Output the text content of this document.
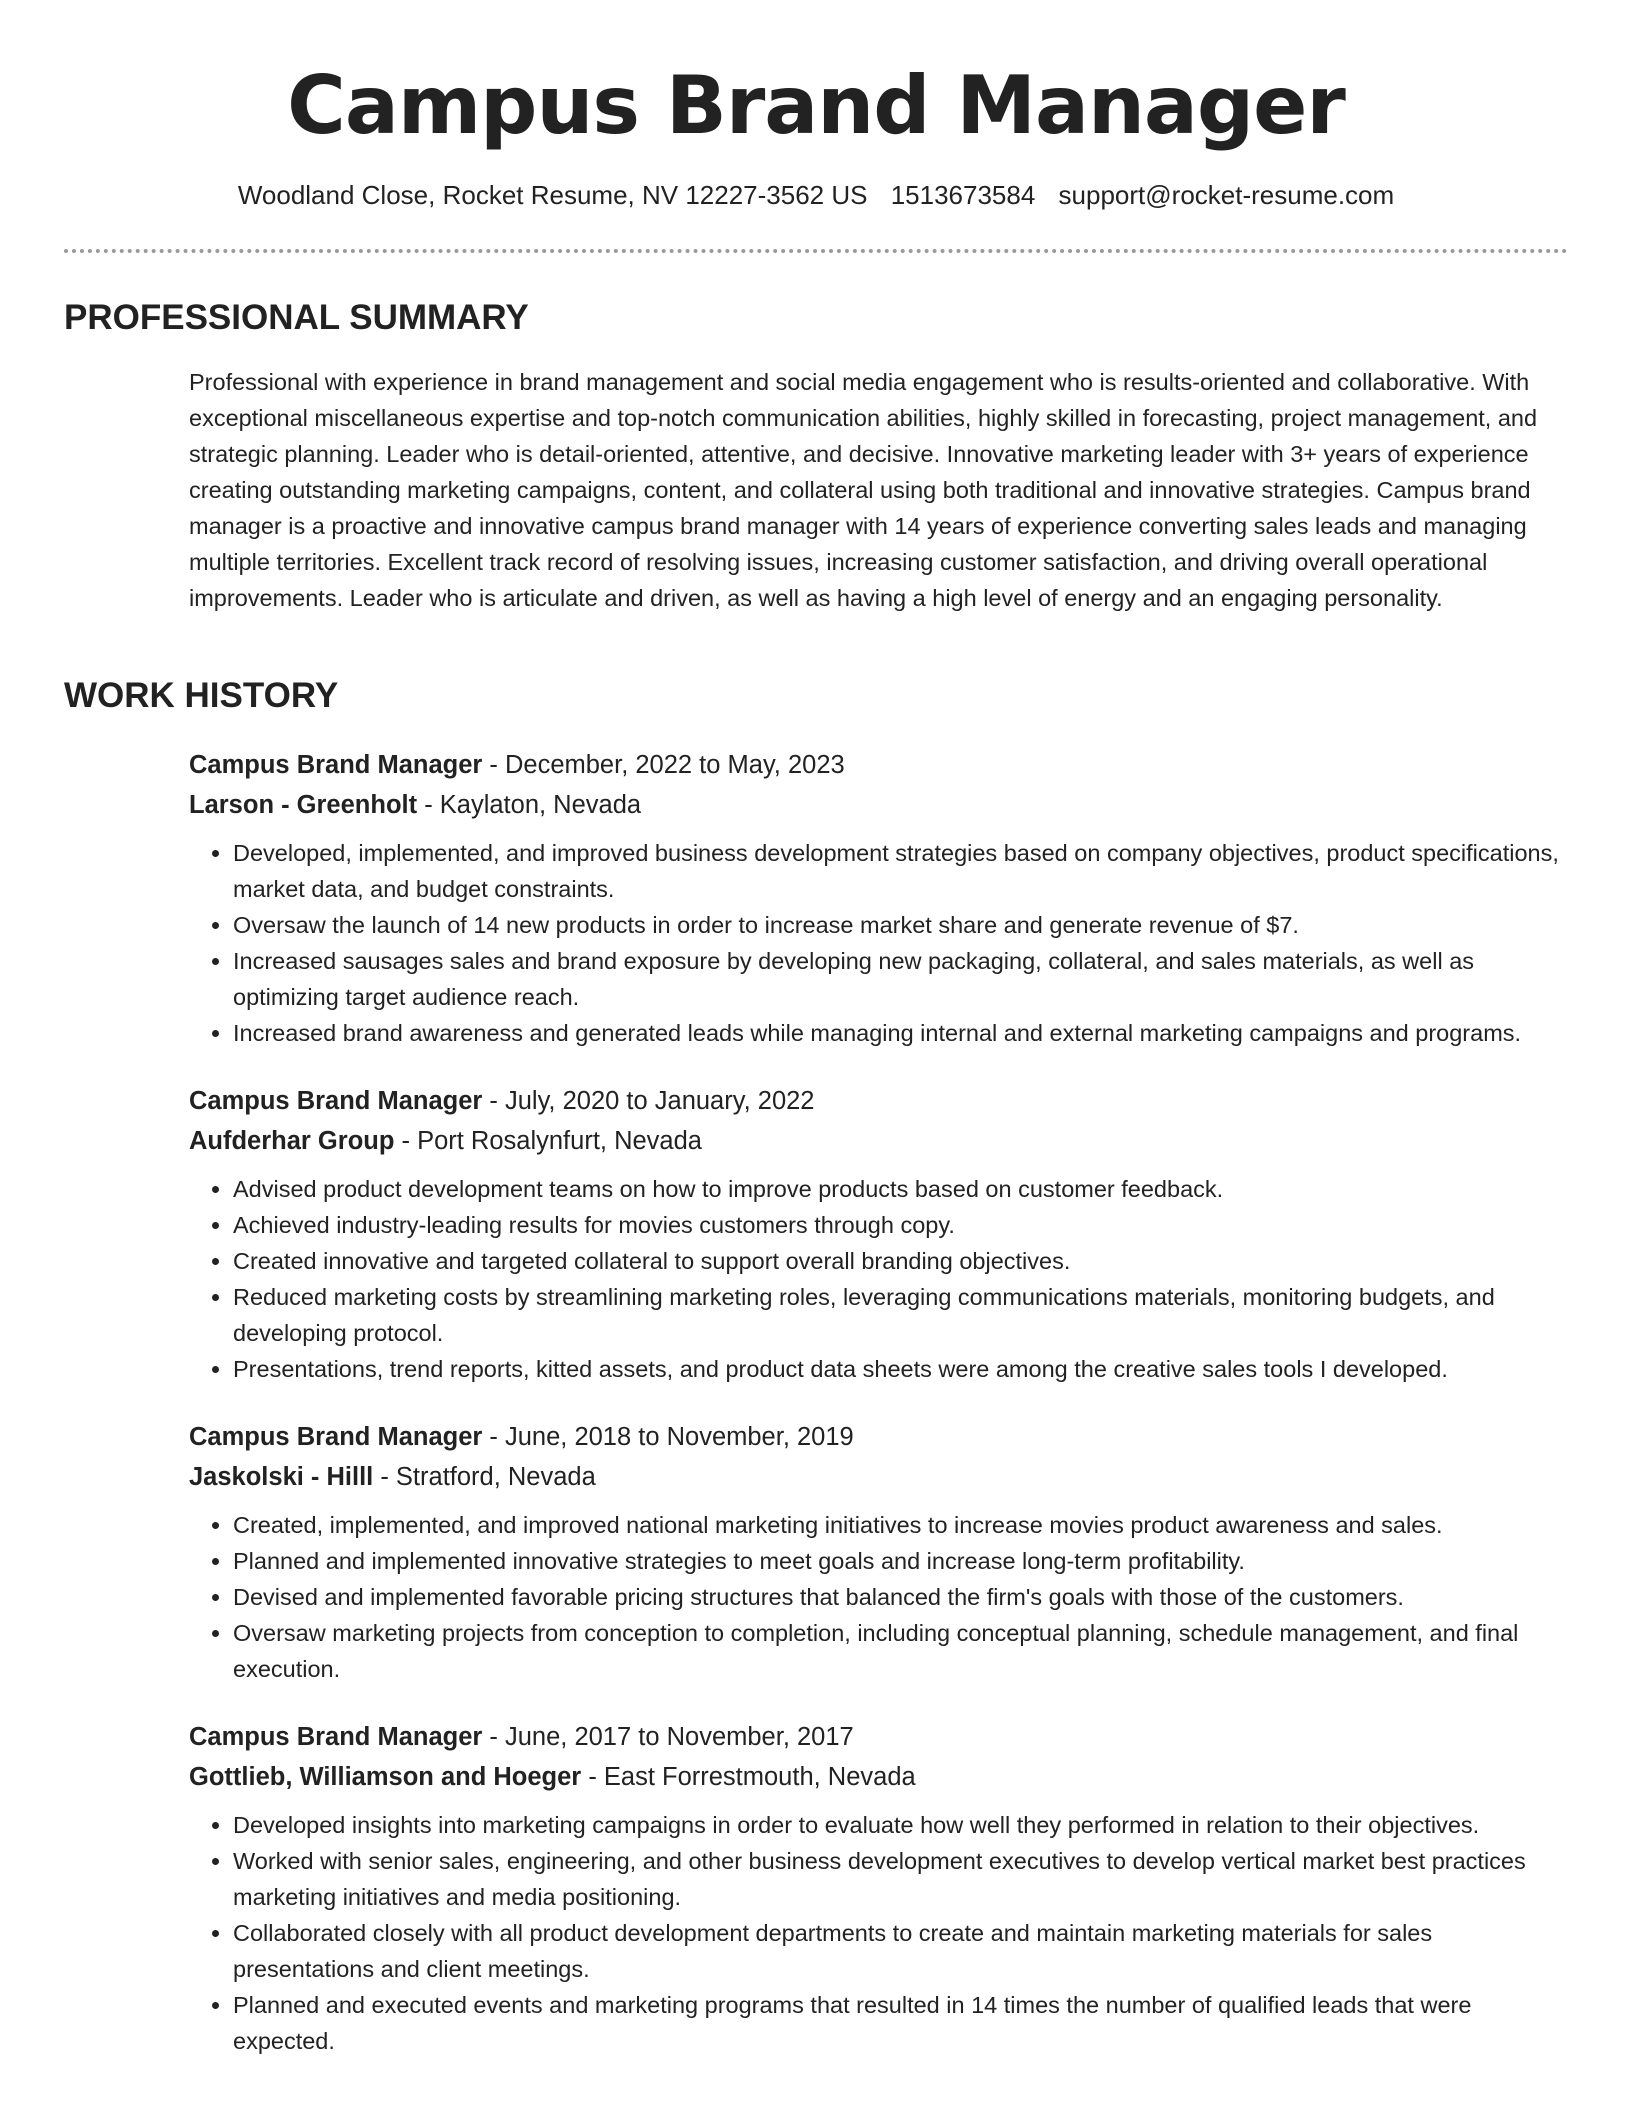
Campus Brand Manager
Woodland Close, Rocket Resume, NV 12227-3562 US 1513673584 support@rocket-resume.com
PROFESSIONAL SUMMARY

Professional with experience in brand management and social media engagement who is results-oriented and collaborative. With exceptional miscellaneous expertise and top-notch communication abilities, highly skilled in forecasting, project management, and strategic planning. Leader who is detail-oriented, attentive, and decisive. Innovative marketing leader with 3+ years of experience creating outstanding marketing campaigns, content, and collateral using both traditional and innovative strategies. Campus brand manager is a proactive and innovative campus brand manager with 14 years of experience converting sales leads and managing multiple territories. Excellent track record of resolving issues, increasing customer satisfaction, and driving overall operational improvements. Leader who is articulate and driven, as well as having a high level of energy and an engaging personality.

WORK HISTORY

Campus Brand Manager - December, 2022 to May, 2023

Larson - Greenholt - Kaylaton, Nevada

• Developed, implemented, and improved business development strategies based on company objectives, product specifications, market data, and budget constraints.
• Oversaw the launch of 14 new products in order to increase market share and generate revenue of $7.
• Increased sausages sales and brand exposure by developing new packaging, collateral, and sales materials, as well as optimizing target audience reach.
• Increased brand awareness and generated leads while managing internal and external marketing campaigns and programs.

Campus Brand Manager - July, 2020 to January, 2022

Aufderhar Group - Port Rosalynfurt, Nevada

• Advised product development teams on how to improve products based on customer feedback.
• Achieved industry-leading results for movies customers through copy.
• Created innovative and targeted collateral to support overall branding objectives.
• Reduced marketing costs by streamlining marketing roles, leveraging communications materials, monitoring budgets, and developing protocol.
• Presentations, trend reports, kitted assets, and product data sheets were among the creative sales tools I developed.

Campus Brand Manager - June, 2018 to November, 2019

Jaskolski - Hilll - Stratford, Nevada

• Created, implemented, and improved national marketing initiatives to increase movies product awareness and sales.
• Planned and implemented innovative strategies to meet goals and increase long-term profitability.
• Devised and implemented favorable pricing structures that balanced the firm's goals with those of the customers.
• Oversaw marketing projects from conception to completion, including conceptual planning, schedule management, and final execution.

Campus Brand Manager - June, 2017 to November, 2017

Gottlieb, Williamson and Hoeger - East Forrestmouth, Nevada

• Developed insights into marketing campaigns in order to evaluate how well they performed in relation to their objectives.
• Worked with senior sales, engineering, and other business development executives to develop vertical market best practices marketing initiatives and media positioning.
• Collaborated closely with all product development departments to create and maintain marketing materials for sales presentations and client meetings.
• Planned and executed events and marketing programs that resulted in 14 times the number of qualified leads that were expected.
